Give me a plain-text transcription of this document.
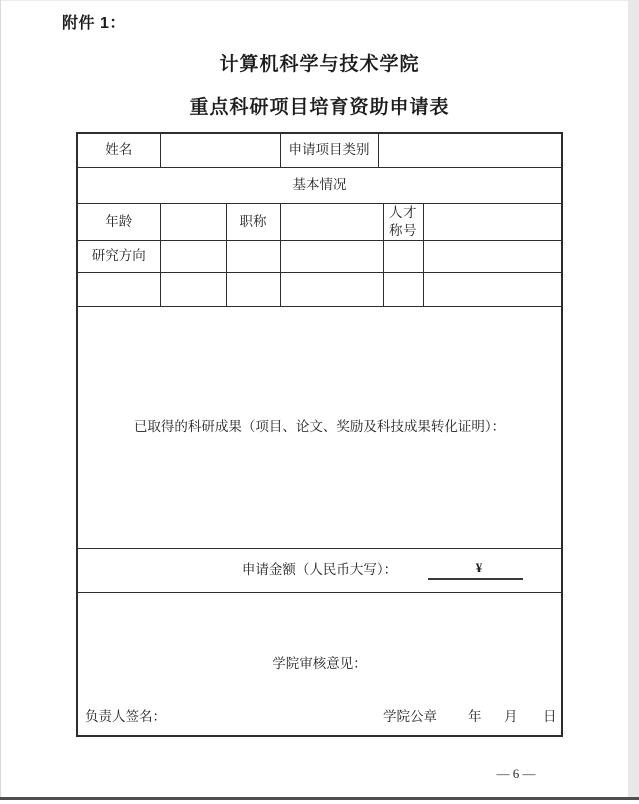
附件 1：
计算机科学与技术学院
重点科研项目培育资助申请表
姓名			申请项目类别			
基本情况						
年龄		职称			人才称号	
研究方向						

已取得的科研成果（项目、论文、奖励及科技成果转化证明）：						
申请金额（人民币大写）： ¥						

学院审核意见：
负责人签名：	学院公章 年 月 日
— 6 —
